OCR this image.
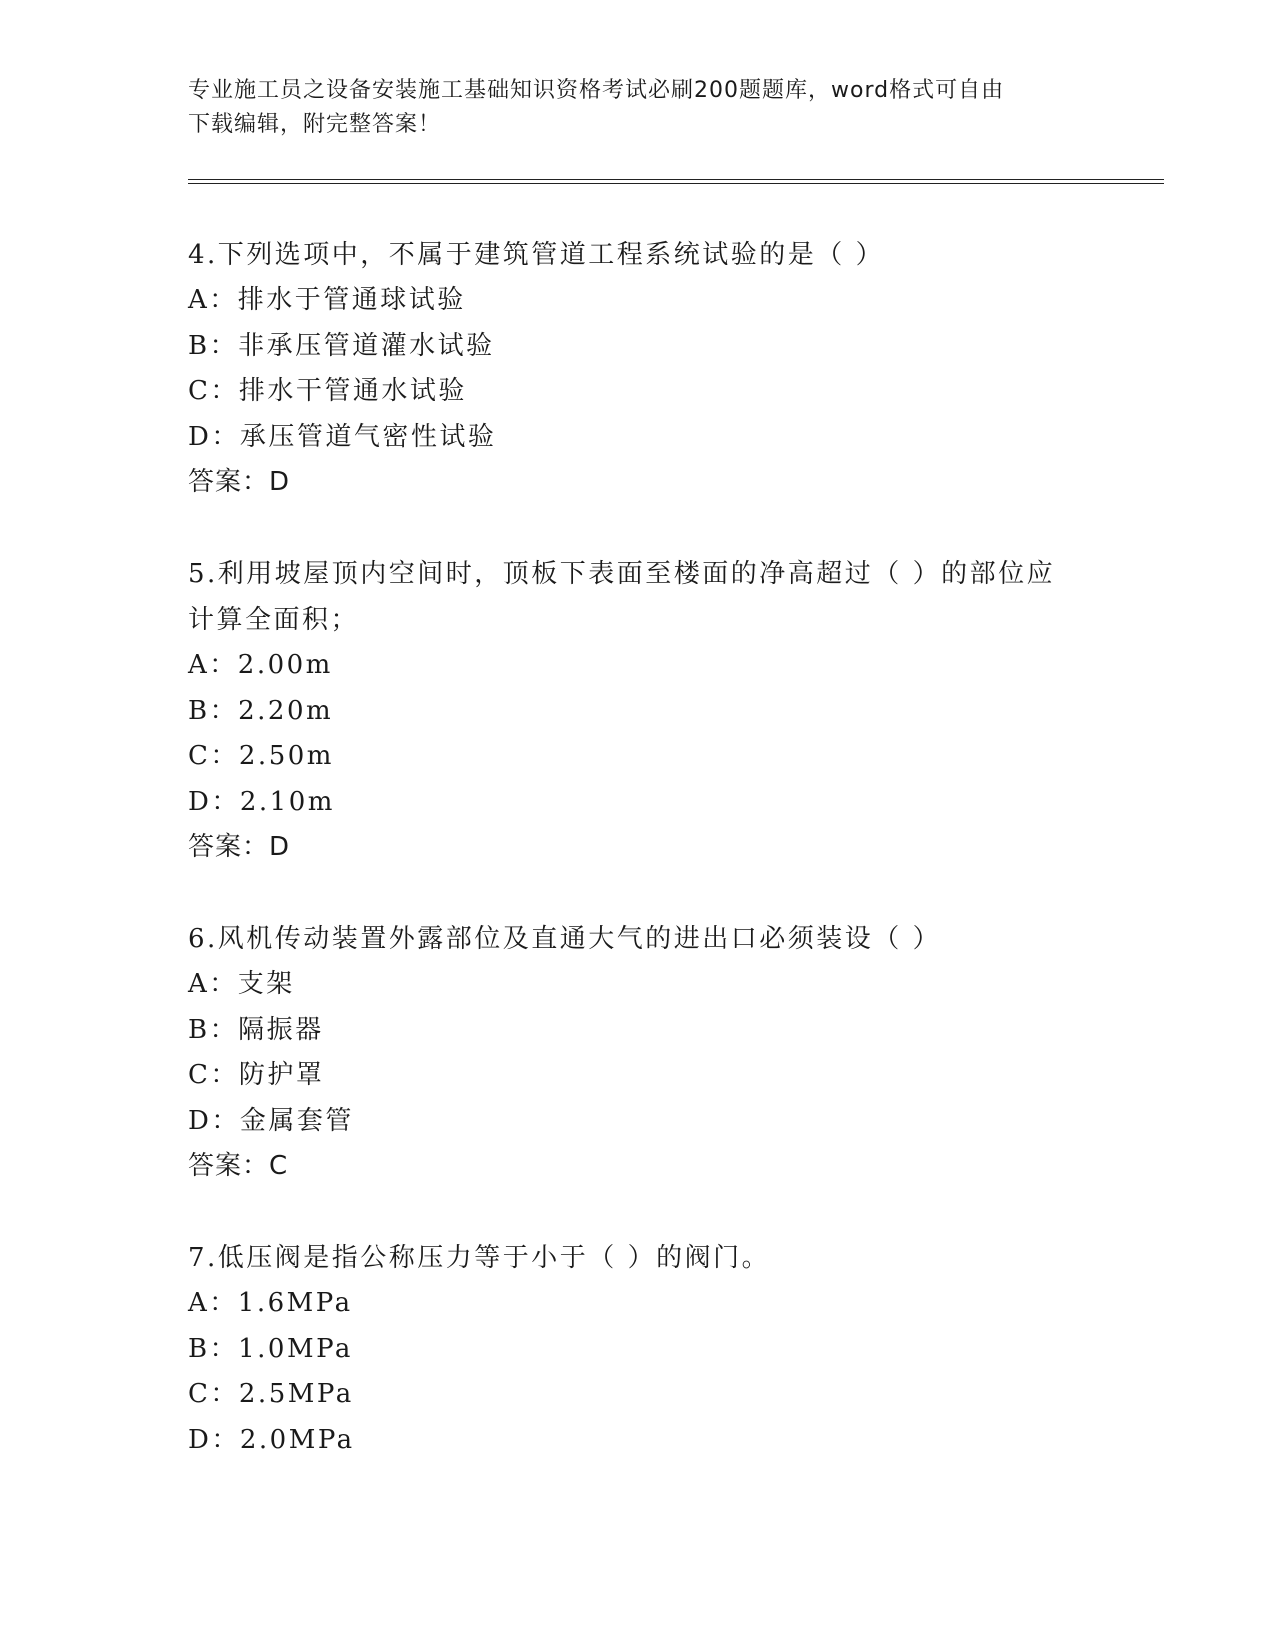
专业施工员之设备安装施工基础知识资格考试必刷200题题库，word格式可自由
下载编辑，附完整答案！
4.下列选项中，不属于建筑管道工程系统试验的是（ ）
A：排水于管通球试验
B：非承压管道灌水试验
C：排水干管通水试验
D：承压管道气密性试验
答案：D
5.利用坡屋顶内空间时，顶板下表面至楼面的净高超过（ ）的部位应
计算全面积；
A：2.00m
B：2.20m
C：2.50m
D：2.10m
答案：D
6.风机传动装置外露部位及直通大气的进出口必须装设（ ）
A：支架
B：隔振器
C：防护罩
D：金属套管
答案：C
7.低压阀是指公称压力等于小于（ ）的阀门。
A：1.6MPa
B：1.0MPa
C：2.5MPa
D：2.0MPa
